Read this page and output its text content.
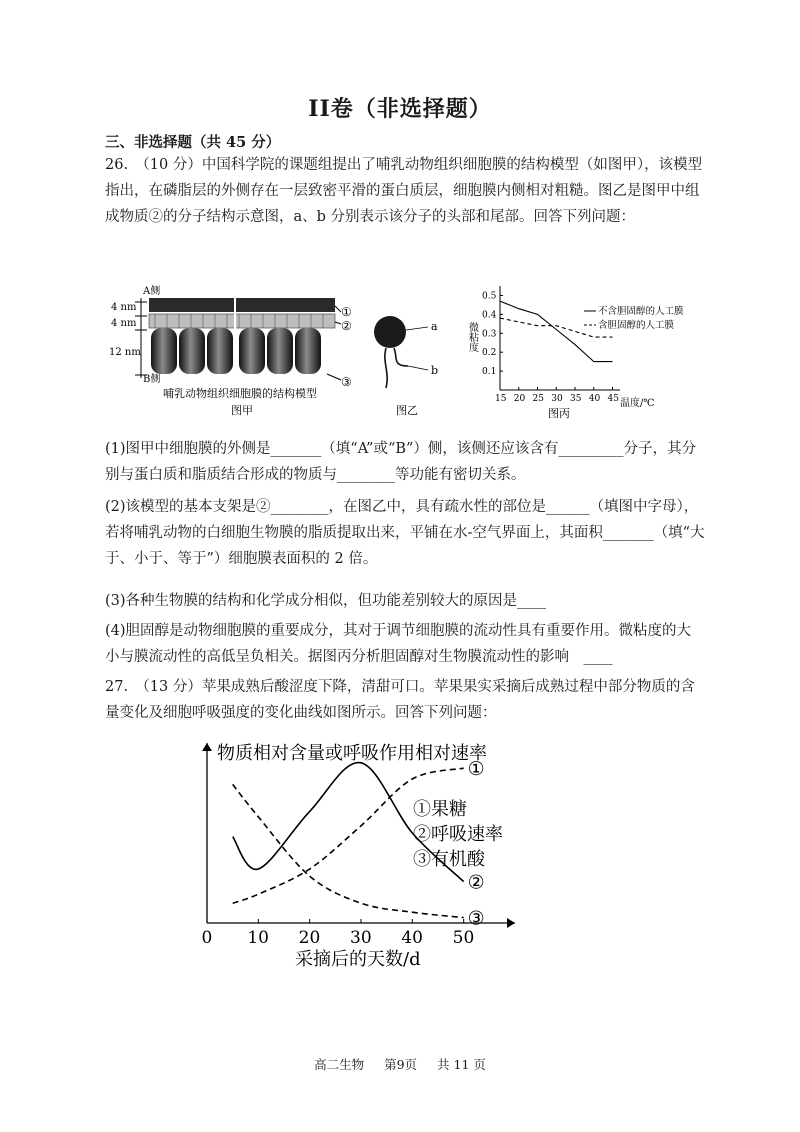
II卷（非选择题）
三、非选择题（共 45 分）
26.　（10 分）中国科学院的课题组提出了哺乳动物组织细胞膜的结构模型（如图甲），该模型指出，在磷脂层的外侧存在一层致密平滑的蛋白质层，细胞膜内侧相对粗糙。图乙是图甲中组成物质②的分子结构示意图，a、b 分别表示该分子的头部和尾部。回答下列问题：
A侧
4 nm
4 nm
12 nm
B侧
①
②
③
哺乳动物组织细胞膜的结构模型
图甲
a
b
图乙
微粘度
温度/℃
图丙
不含胆固醇的人工膜
含胆固醇的人工膜
15 20 25 30 35 40 45
0.1
0.2
0.3
0.4
0.5
(1)图甲中细胞膜的外侧是_______（填“A”或“B”）侧，该侧还应该含有_________分子，其分别与蛋白质和脂质结合形成的物质与________等功能有密切关系。
(2)该模型的基本支架是②________，在图乙中，具有疏水性的部位是______（填图中字母），若将哺乳动物的白细胞生物膜的脂质提取出来，平铺在水-空气界面上，其面积_______（填“大于、小于、等于”）细胞膜表面积的 2 倍。
(3)各种生物膜的结构和化学成分相似，但功能差别较大的原因是____
(4)胆固醇是动物细胞膜的重要成分，其对于调节细胞膜的流动性具有重要作用。微粘度的大小与膜流动性的高低呈负相关。据图丙分析胆固醇对生物膜流动性的影响　____
27.　（13 分）苹果成熟后酸涩度下降，清甜可口。苹果果实采摘后成熟过程中部分物质的含量变化及细胞呼吸强度的变化曲线如图所示。回答下列问题：
物质相对含量或呼吸作用相对速率
0 10 20 30 40 50
采摘后的天数/d
①
②
③
①果糖
②呼吸速率
③有机酸
高二生物 第9页 共 11 页
